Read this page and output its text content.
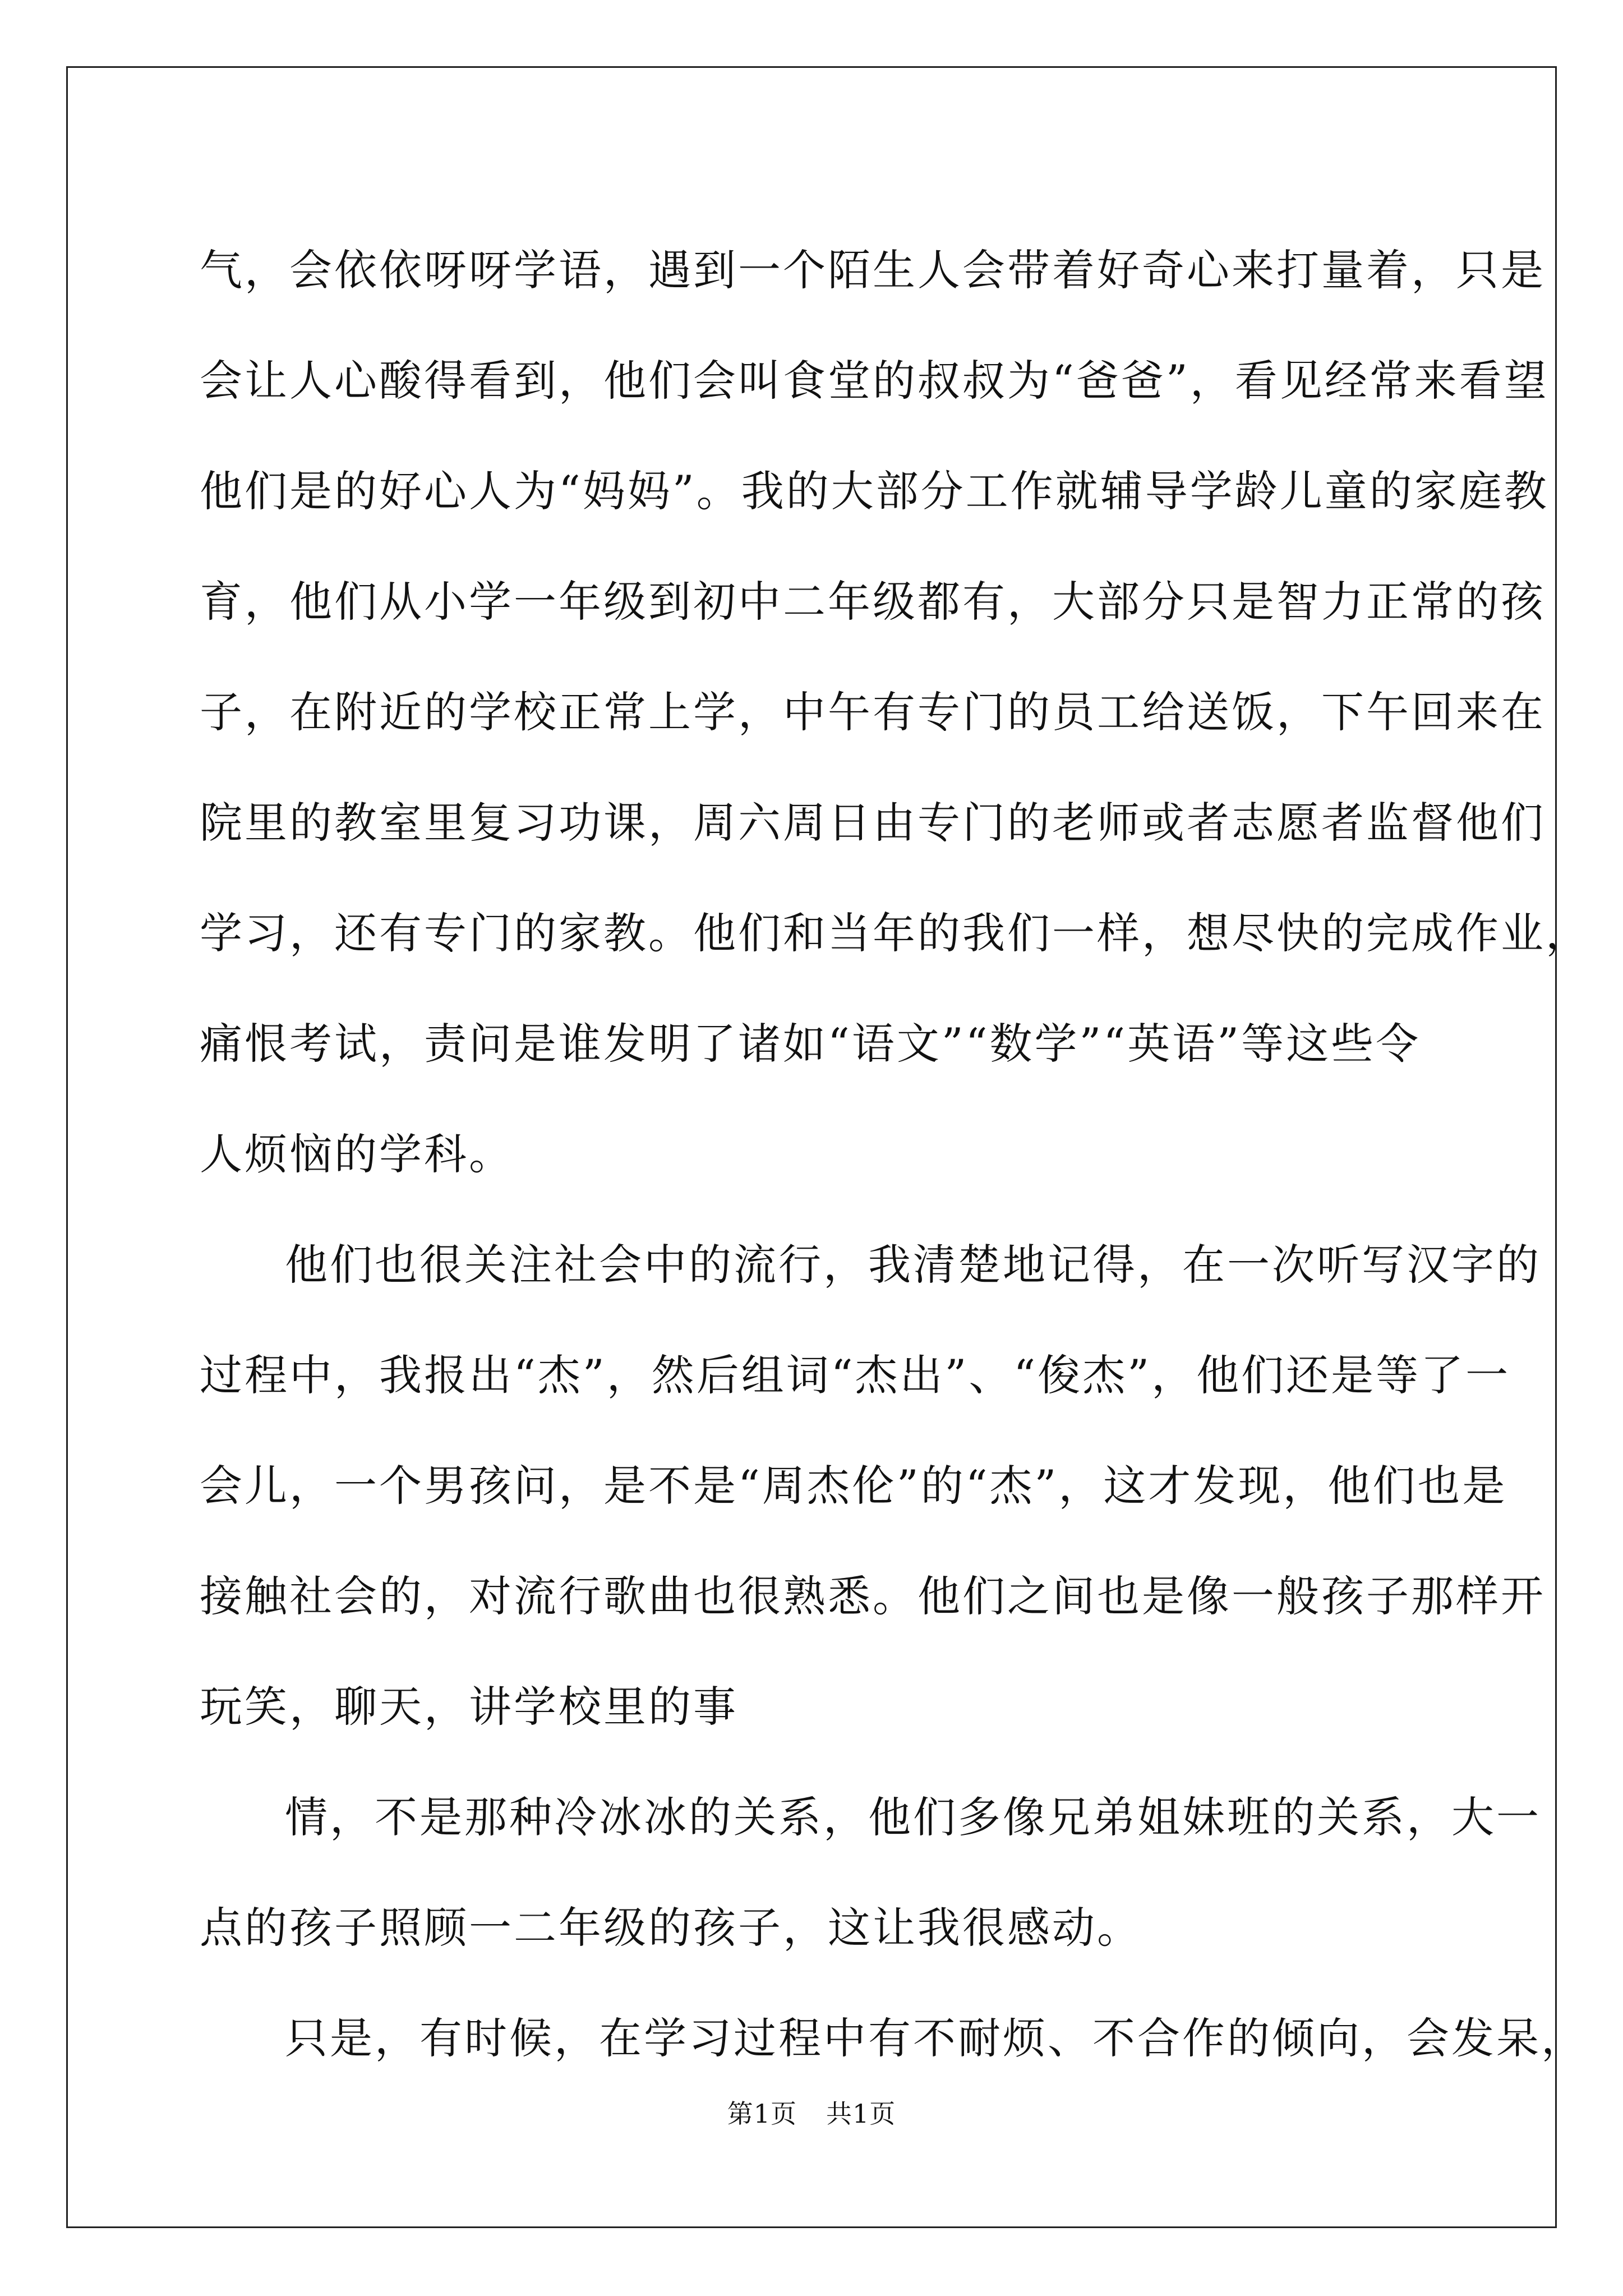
气，会依依呀呀学语，遇到一个陌生人会带着好奇心来打量着，只是
会让人心酸得看到，他们会叫食堂的叔叔为“爸爸”，看见经常来看望
他们是的好心人为“妈妈”。我的大部分工作就辅导学龄儿童的家庭教
育，他们从小学一年级到初中二年级都有，大部分只是智力正常的孩
子，在附近的学校正常上学，中午有专门的员工给送饭，下午回来在
院里的教室里复习功课，周六周日由专门的老师或者志愿者监督他们
学习，还有专门的家教。他们和当年的我们一样，想尽快的完成作业，
痛恨考试，责问是谁发明了诸如“语文”“数学”“英语”等这些令
人烦恼的学科。

他们也很关注社会中的流行，我清楚地记得，在一次听写汉字的
过程中，我报出“杰”，然后组词“杰出”、“俊杰”，他们还是等了一
会儿，一个男孩问，是不是“周杰伦”的“杰”，这才发现，他们也是
接触社会的，对流行歌曲也很熟悉。他们之间也是像一般孩子那样开
玩笑，聊天，讲学校里的事

情，不是那种冷冰冰的关系，他们多像兄弟姐妹班的关系，大一
点的孩子照顾一二年级的孩子，这让我很感动。

只是，有时候，在学习过程中有不耐烦、不合作的倾向，会发呆，

第1页 共1页
